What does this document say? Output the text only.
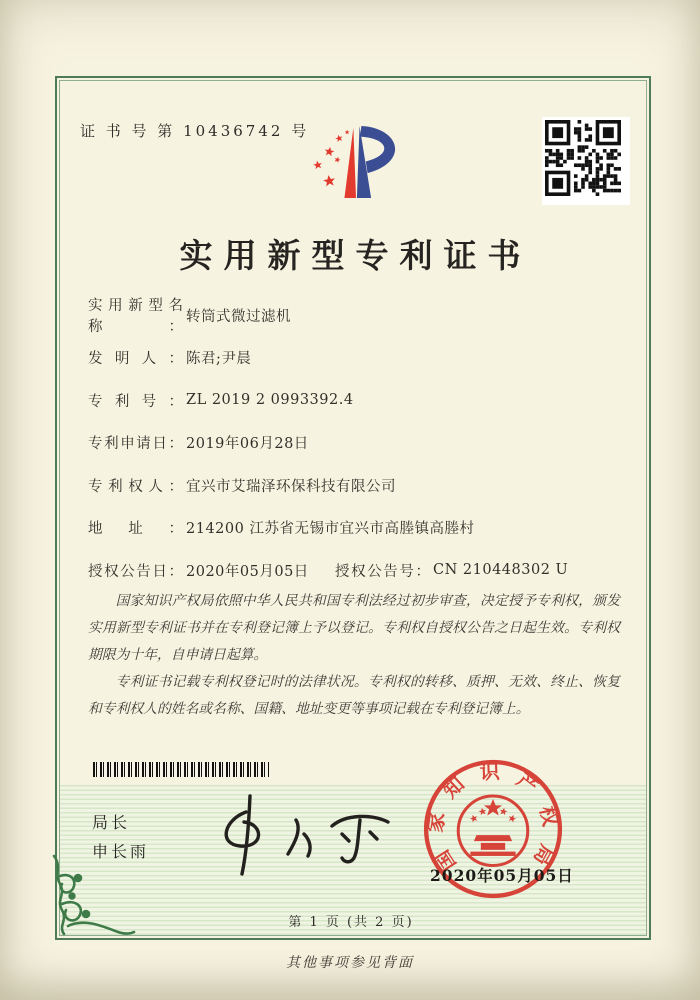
证 书 号 第 10436742 号
实用新型专利证书
实用新型名称：
转筒式微过滤机
发明人： 陈君;尹晨
专利号： ZL 2019 2 0993392.4
专利申请日： 2019年06月28日
专利权人： 宜兴市艾瑞泽环保科技有限公司
地址： 214200 江苏省无锡市宜兴市高塍镇高塍村
授权公告日： 2020年05月05日 授权公告号： CN 210448302 U

国家知识产权局依照中华人民共和国专利法经过初步审查，决定授予专利权，颁发实用新型专利证书并在专利登记簿上予以登记。专利权自授权公告之日起生效。专利权期限为十年，自申请日起算。

专利证书记载专利权登记时的法律状况。专利权的转移、质押、无效、终止、恢复和专利权人的姓名或名称、国籍、地址变更等事项记载在专利登记簿上。

局长
申长雨	国家知识产权局
2020年05月05日
第 1 页 (共 2 页)
其他事项参见背面
